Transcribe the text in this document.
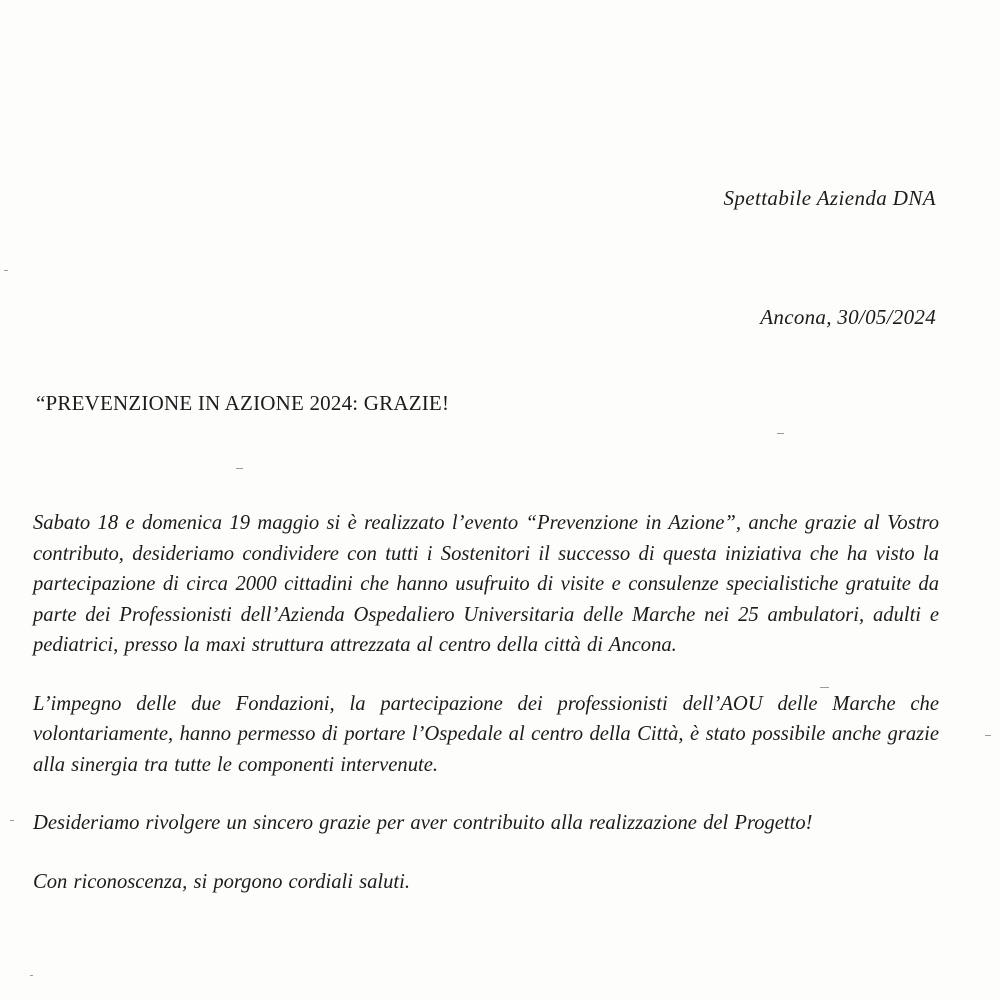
Spettabile Azienda DNA
Ancona, 30/05/2024
“PREVENZIONE IN AZIONE 2024: GRAZIE!

Sabato 18 e domenica 19 maggio si è realizzato l’evento “Prevenzione in Azione”, anche grazie al Vostro contributo, desideriamo condividere con tutti i Sostenitori il successo di questa iniziativa che ha visto la partecipazione di circa 2000 cittadini che hanno usufruito di visite e consulenze specialistiche gratuite da parte dei Professionisti dell’Azienda Ospedaliero Universitaria delle Marche nei 25 ambulatori, adulti e pediatrici, presso la maxi struttura attrezzata al centro della città di Ancona.

L’impegno delle due Fondazioni, la partecipazione dei professionisti dell’AOU delle Marche che volontariamente, hanno permesso di portare l’Ospedale al centro della Città, è stato possibile anche grazie alla sinergia tra tutte le componenti intervenute.

Desideriamo rivolgere un sincero grazie per aver contribuito alla realizzazione del Progetto!

Con riconoscenza, si porgono cordiali saluti.
